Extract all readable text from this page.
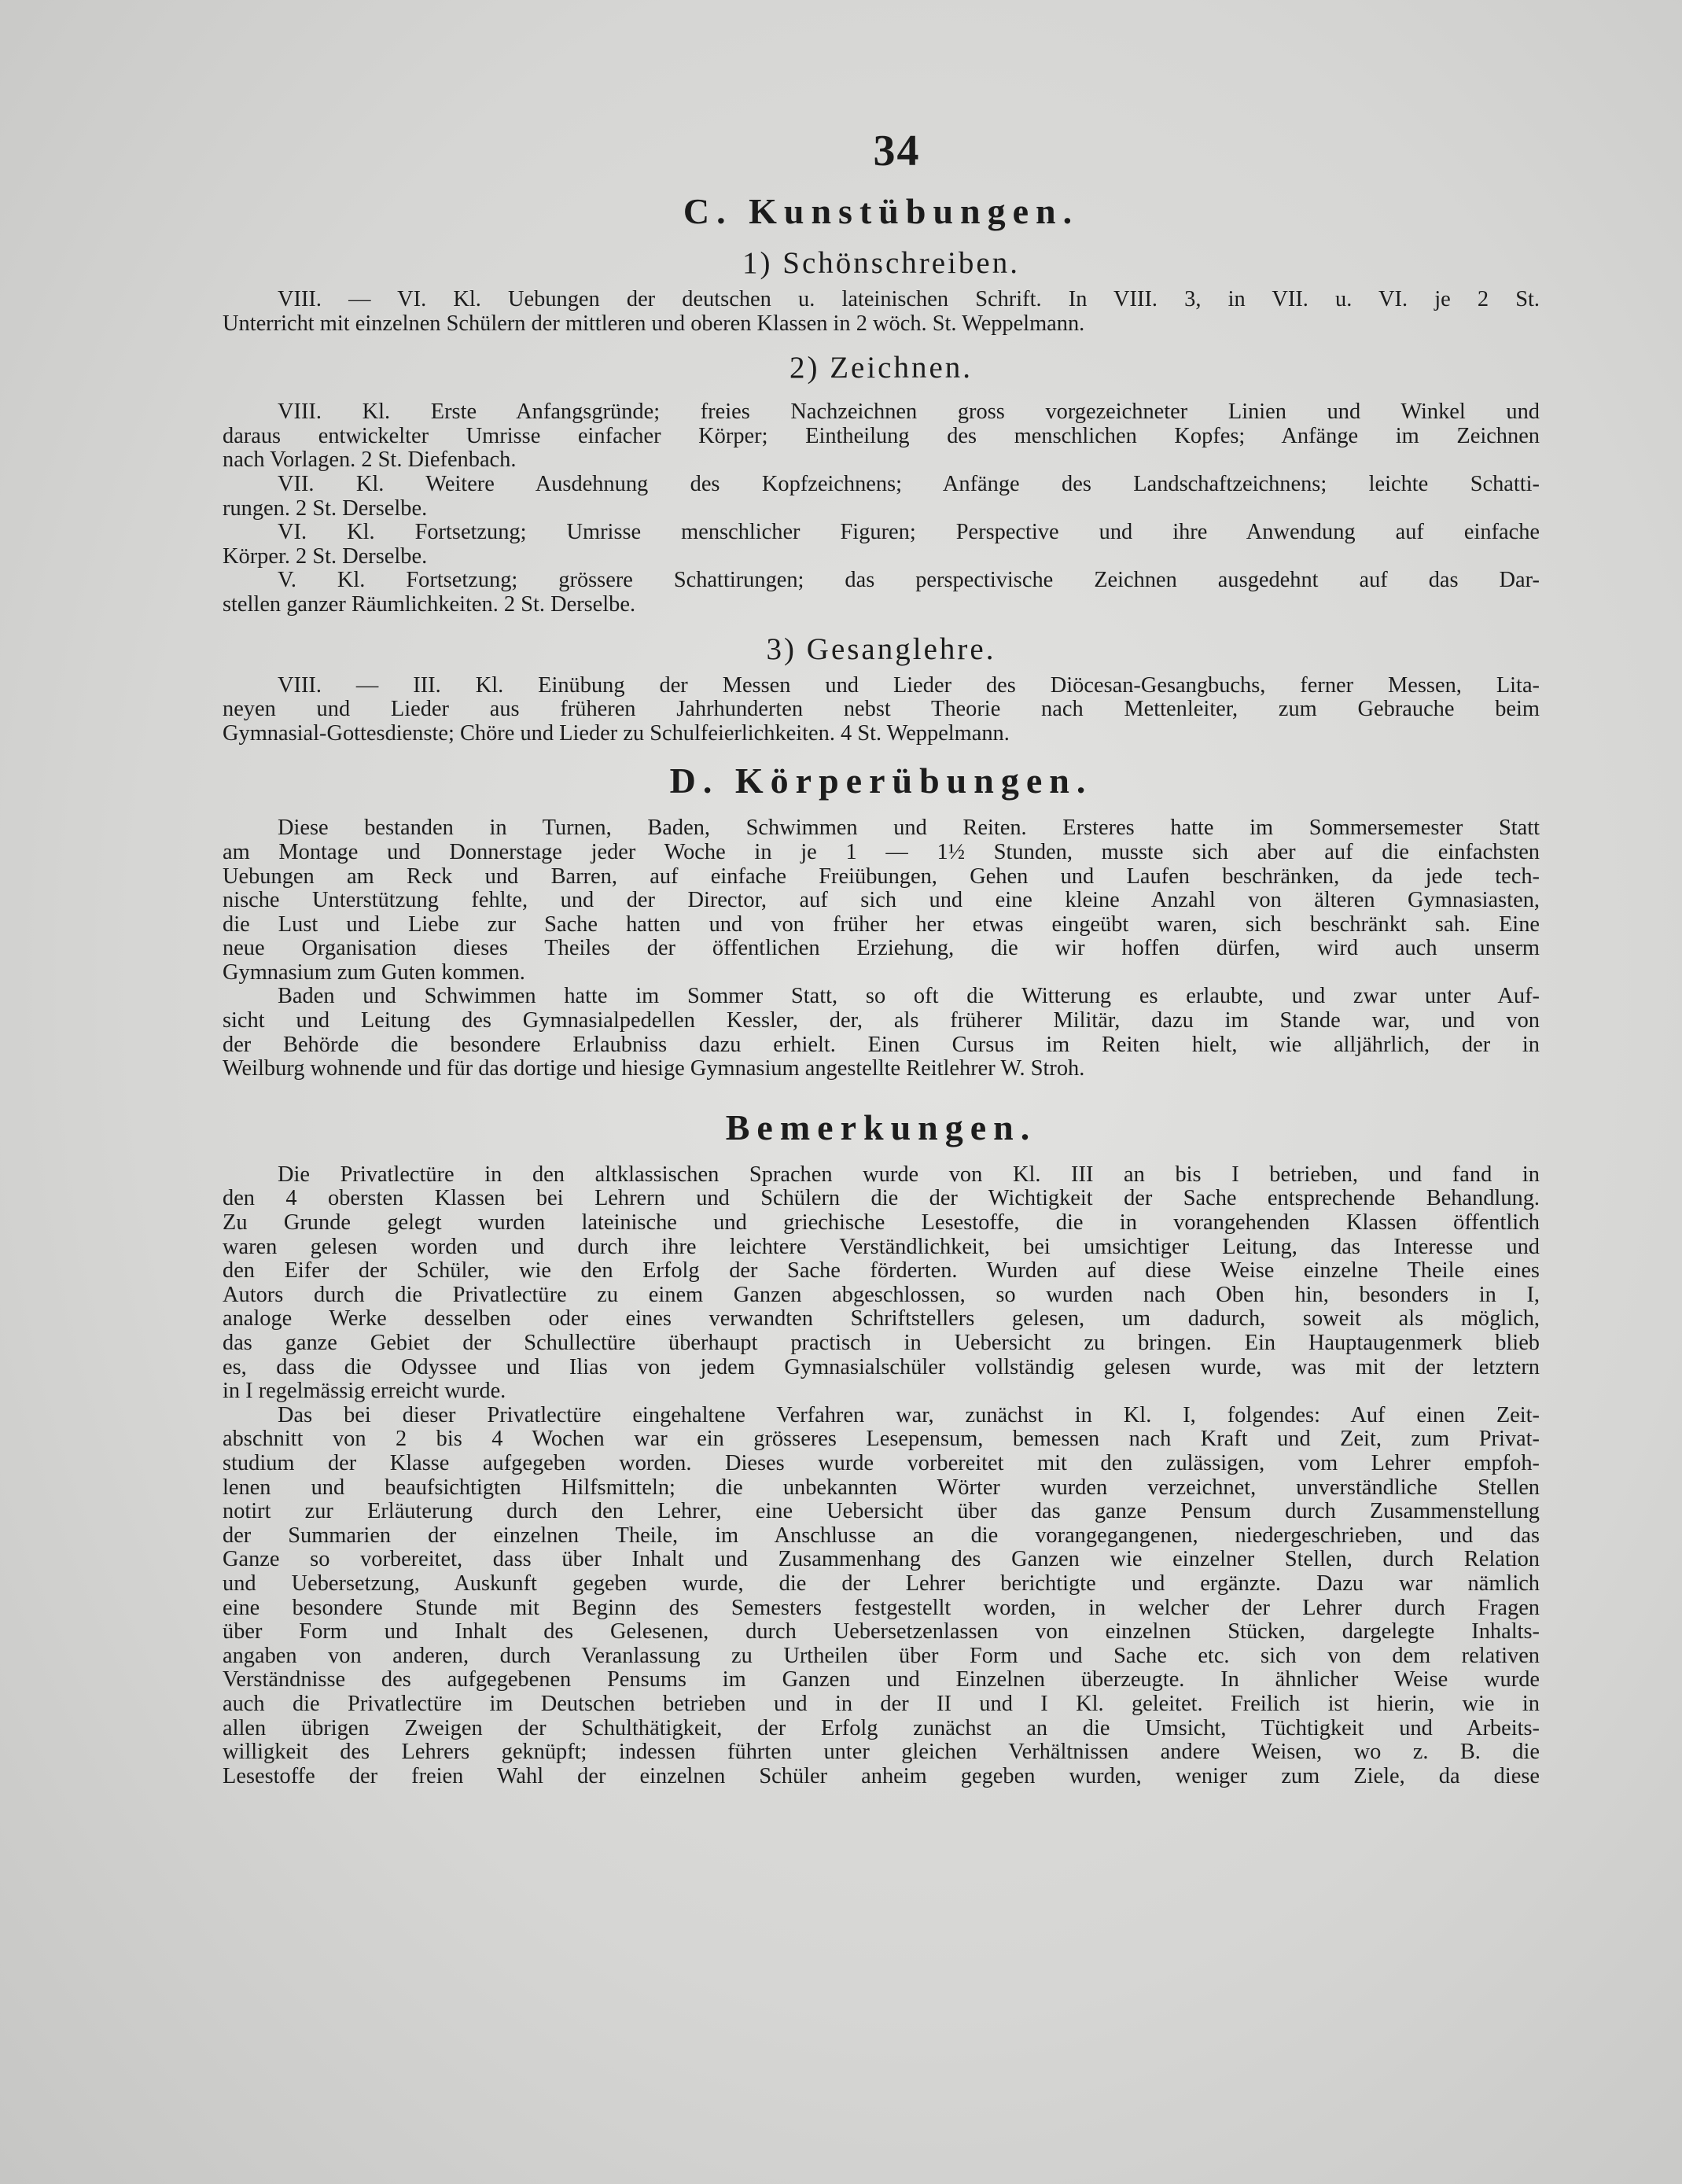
34
C. Kunstübungen.
1) Schönschreiben.
VIII. — VI. Kl. Uebungen der deutschen u. lateinischen Schrift. In VIII. 3, in VII. u. VI. je 2 St.
Unterricht mit einzelnen Schülern der mittleren und oberen Klassen in 2 wöch. St. Weppelmann.
2) Zeichnen.
VIII. Kl. Erste Anfangsgründe; freies Nachzeichnen gross vorgezeichneter Linien und Winkel und
daraus entwickelter Umrisse einfacher Körper; Eintheilung des menschlichen Kopfes; Anfänge im Zeichnen
nach Vorlagen. 2 St. Diefenbach.
VII. Kl. Weitere Ausdehnung des Kopfzeichnens; Anfänge des Landschaftzeichnens; leichte Schatti-
rungen. 2 St. Derselbe.
VI. Kl. Fortsetzung; Umrisse menschlicher Figuren; Perspective und ihre Anwendung auf einfache
Körper. 2 St. Derselbe.
V. Kl. Fortsetzung; grössere Schattirungen; das perspectivische Zeichnen ausgedehnt auf das Dar-
stellen ganzer Räumlichkeiten. 2 St. Derselbe.
3) Gesanglehre.
VIII. — III. Kl. Einübung der Messen und Lieder des Diöcesan-Gesangbuchs, ferner Messen, Lita-
neyen und Lieder aus früheren Jahrhunderten nebst Theorie nach Mettenleiter, zum Gebrauche beim
Gymnasial-Gottesdienste; Chöre und Lieder zu Schulfeierlichkeiten. 4 St. Weppelmann.
D. Körperübungen.
Diese bestanden in Turnen, Baden, Schwimmen und Reiten. Ersteres hatte im Sommersemester Statt
am Montage und Donnerstage jeder Woche in je 1 — 1½ Stunden, musste sich aber auf die einfachsten
Uebungen am Reck und Barren, auf einfache Freiübungen, Gehen und Laufen beschränken, da jede tech-
nische Unterstützung fehlte, und der Director, auf sich und eine kleine Anzahl von älteren Gymnasiasten,
die Lust und Liebe zur Sache hatten und von früher her etwas eingeübt waren, sich beschränkt sah. Eine
neue Organisation dieses Theiles der öffentlichen Erziehung, die wir hoffen dürfen, wird auch unserm
Gymnasium zum Guten kommen.
Baden und Schwimmen hatte im Sommer Statt, so oft die Witterung es erlaubte, und zwar unter Auf-
sicht und Leitung des Gymnasialpedellen Kessler, der, als früherer Militär, dazu im Stande war, und von
der Behörde die besondere Erlaubniss dazu erhielt. Einen Cursus im Reiten hielt, wie alljährlich, der in
Weilburg wohnende und für das dortige und hiesige Gymnasium angestellte Reitlehrer W. Stroh.
Bemerkungen.
Die Privatlectüre in den altklassischen Sprachen wurde von Kl. III an bis I betrieben, und fand in
den 4 obersten Klassen bei Lehrern und Schülern die der Wichtigkeit der Sache entsprechende Behandlung.
Zu Grunde gelegt wurden lateinische und griechische Lesestoffe, die in vorangehenden Klassen öffentlich
waren gelesen worden und durch ihre leichtere Verständlichkeit, bei umsichtiger Leitung, das Interesse und
den Eifer der Schüler, wie den Erfolg der Sache förderten. Wurden auf diese Weise einzelne Theile eines
Autors durch die Privatlectüre zu einem Ganzen abgeschlossen, so wurden nach Oben hin, besonders in I,
analoge Werke desselben oder eines verwandten Schriftstellers gelesen, um dadurch, soweit als möglich,
das ganze Gebiet der Schullectüre überhaupt practisch in Uebersicht zu bringen. Ein Hauptaugenmerk blieb
es, dass die Odyssee und Ilias von jedem Gymnasialschüler vollständig gelesen wurde, was mit der letztern
in I regelmässig erreicht wurde.
Das bei dieser Privatlectüre eingehaltene Verfahren war, zunächst in Kl. I, folgendes: Auf einen Zeit-
abschnitt von 2 bis 4 Wochen war ein grösseres Lesepensum, bemessen nach Kraft und Zeit, zum Privat-
studium der Klasse aufgegeben worden. Dieses wurde vorbereitet mit den zulässigen, vom Lehrer empfoh-
lenen und beaufsichtigten Hilfsmitteln; die unbekannten Wörter wurden verzeichnet, unverständliche Stellen
notirt zur Erläuterung durch den Lehrer, eine Uebersicht über das ganze Pensum durch Zusammenstellung
der Summarien der einzelnen Theile, im Anschlusse an die vorangegangenen, niedergeschrieben, und das
Ganze so vorbereitet, dass über Inhalt und Zusammenhang des Ganzen wie einzelner Stellen, durch Relation
und Uebersetzung, Auskunft gegeben wurde, die der Lehrer berichtigte und ergänzte. Dazu war nämlich
eine besondere Stunde mit Beginn des Semesters festgestellt worden, in welcher der Lehrer durch Fragen
über Form und Inhalt des Gelesenen, durch Uebersetzenlassen von einzelnen Stücken, dargelegte Inhalts-
angaben von anderen, durch Veranlassung zu Urtheilen über Form und Sache etc. sich von dem relativen
Verständnisse des aufgegebenen Pensums im Ganzen und Einzelnen überzeugte. In ähnlicher Weise wurde
auch die Privatlectüre im Deutschen betrieben und in der II und I Kl. geleitet. Freilich ist hierin, wie in
allen übrigen Zweigen der Schulthätigkeit, der Erfolg zunächst an die Umsicht, Tüchtigkeit und Arbeits-
willigkeit des Lehrers geknüpft; indessen führten unter gleichen Verhältnissen andere Weisen, wo z. B. die
Lesestoffe der freien Wahl der einzelnen Schüler anheim gegeben wurden, weniger zum Ziele, da diese
